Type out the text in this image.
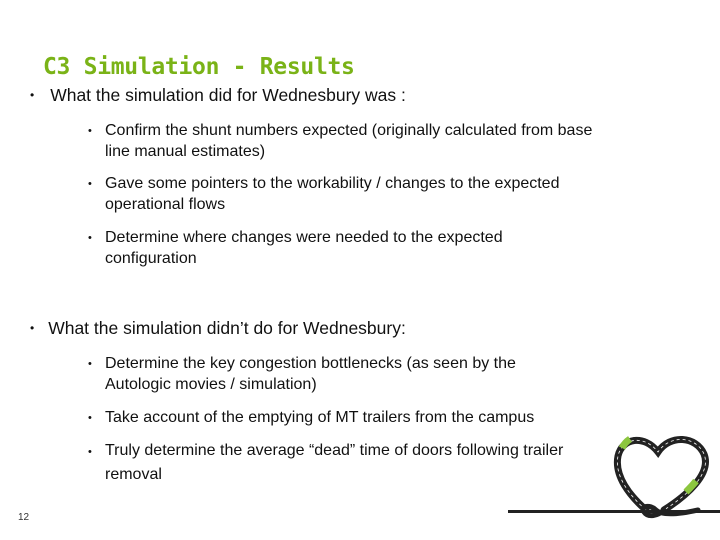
C3 Simulation - Results
• What the simulation did for Wednesbury was :
• Confirm the shunt numbers expected (originally calculated from base line manual estimates)
• Gave some pointers to the workability / changes to the expected operational flows
• Determine where changes were needed to the expected configuration
• What the simulation didn’t do for Wednesbury:
• Determine the key congestion bottlenecks (as seen by the Autologic movies / simulation)
• Take account of the emptying of MT trailers from the campus
• Truly determine the average “dead” time of doors following trailer removal
12
